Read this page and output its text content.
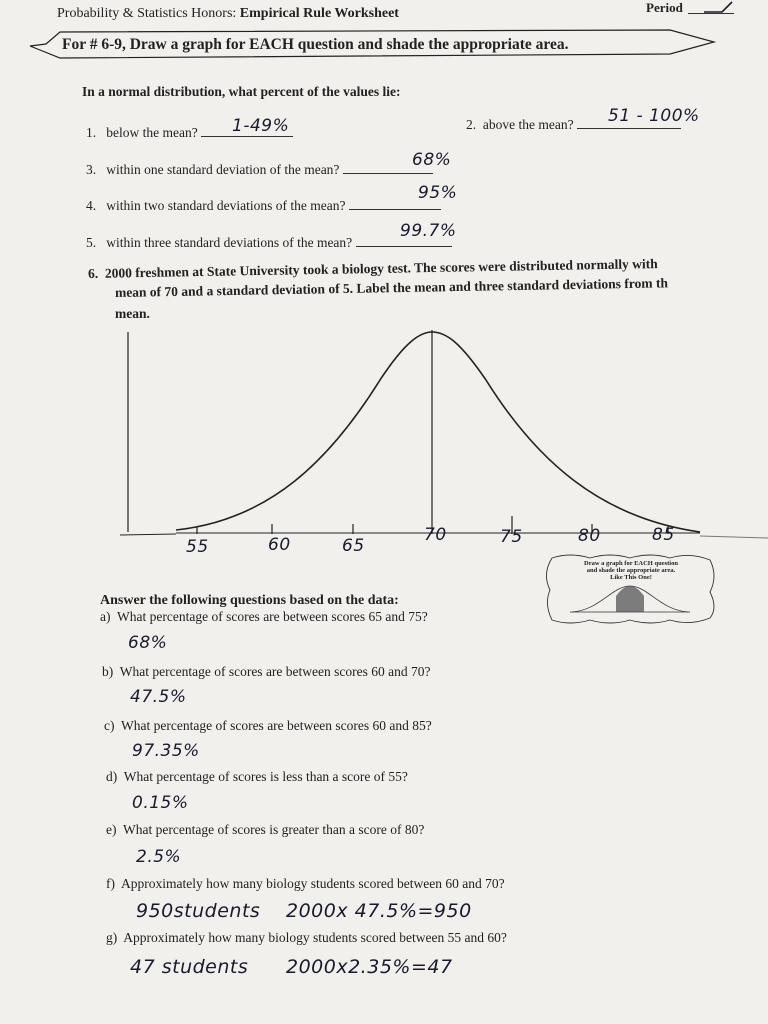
Probability & Statistics Honors: Empirical Rule Worksheet	Period
For # 6-9, Draw a graph for EACH question and shade the appropriate area.
In a normal distribution, what percent of the values lie:
1. below the mean?	1-49%	2. above the mean?	51 - 100%
3. within one standard deviation of the mean?	68%
4. within two standard deviations of the mean?
95%
5. within three standard deviations of the mean?
99.7%
6. 2000 freshmen at State University took a biology test. The scores were distributed normally with
mean of 70 and a standard deviation of 5. Label the mean and three standard deviations from th
mean.
55	60	65
70	75	80	85
Draw a graph for EACH question
and shade the appropriate area.
Like This One!
Answer the following questions based on the data:
a) What percentage of scores are between scores 65 and 75?
68%
b) What percentage of scores are between scores 60 and 70?
47.5%
c) What percentage of scores are between scores 60 and 85?
97.35%
d) What percentage of scores is less than a score of 55?
0.15%
e) What percentage of scores is greater than a score of 80?
2.5%
f) Approximately how many biology students scored between 60 and 70?
950students 2000x 47.5%=950
g) Approximately how many biology students scored between 55 and 60?
47 students 2000x2.35%=47
